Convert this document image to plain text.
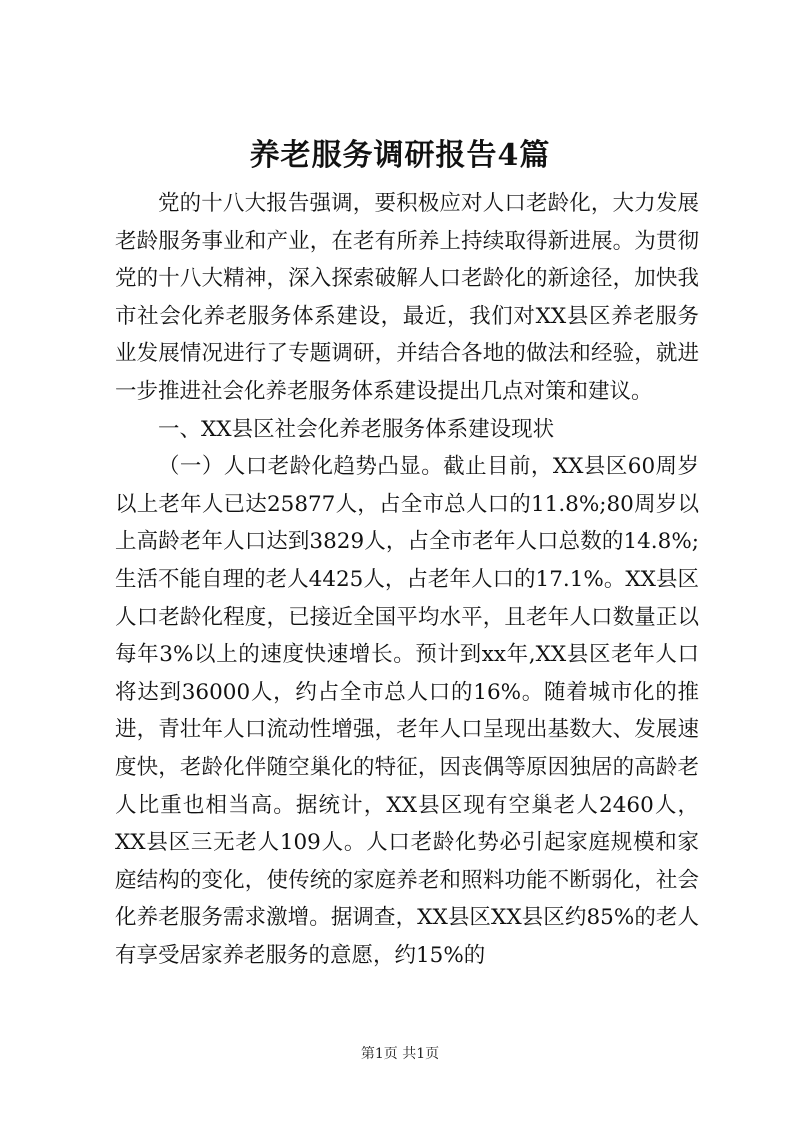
养老服务调研报告4篇

党的十八大报告强调，要积极应对人口老龄化，大力发展老龄服务事业和产业，在老有所养上持续取得新进展。为贯彻党的十八大精神，深入探索破解人口老龄化的新途径，加快我市社会化养老服务体系建设，最近，我们对XX县区养老服务业发展情况进行了专题调研，并结合各地的做法和经验，就进一步推进社会化养老服务体系建设提出几点对策和建议。

一、XX县区社会化养老服务体系建设现状

（一）人口老龄化趋势凸显。截止目前，XX县区60周岁以上老年人已达25877人，占全市总人口的11.8%;80周岁以上高龄老年人口达到3829人，占全市老年人口总数的14.8%;生活不能自理的老人4425人，占老年人口的17.1%。XX县区人口老龄化程度，已接近全国平均水平，且老年人口数量正以每年3%以上的速度快速增长。预计到xx年,XX县区老年人口将达到36000人，约占全市总人口的16%。随着城市化的推进，青壮年人口流动性增强，老年人口呈现出基数大、发展速度快，老龄化伴随空巢化的特征，因丧偶等原因独居的高龄老人比重也相当高。据统计，XX县区现有空巢老人2460人，XX县区三无老人109人。人口老龄化势必引起家庭规模和家庭结构的变化，使传统的家庭养老和照料功能不断弱化，社会化养老服务需求激增。据调查，XX县区XX县区约85%的老人有享受居家养老服务的意愿，约15%的

第1页 共1页
